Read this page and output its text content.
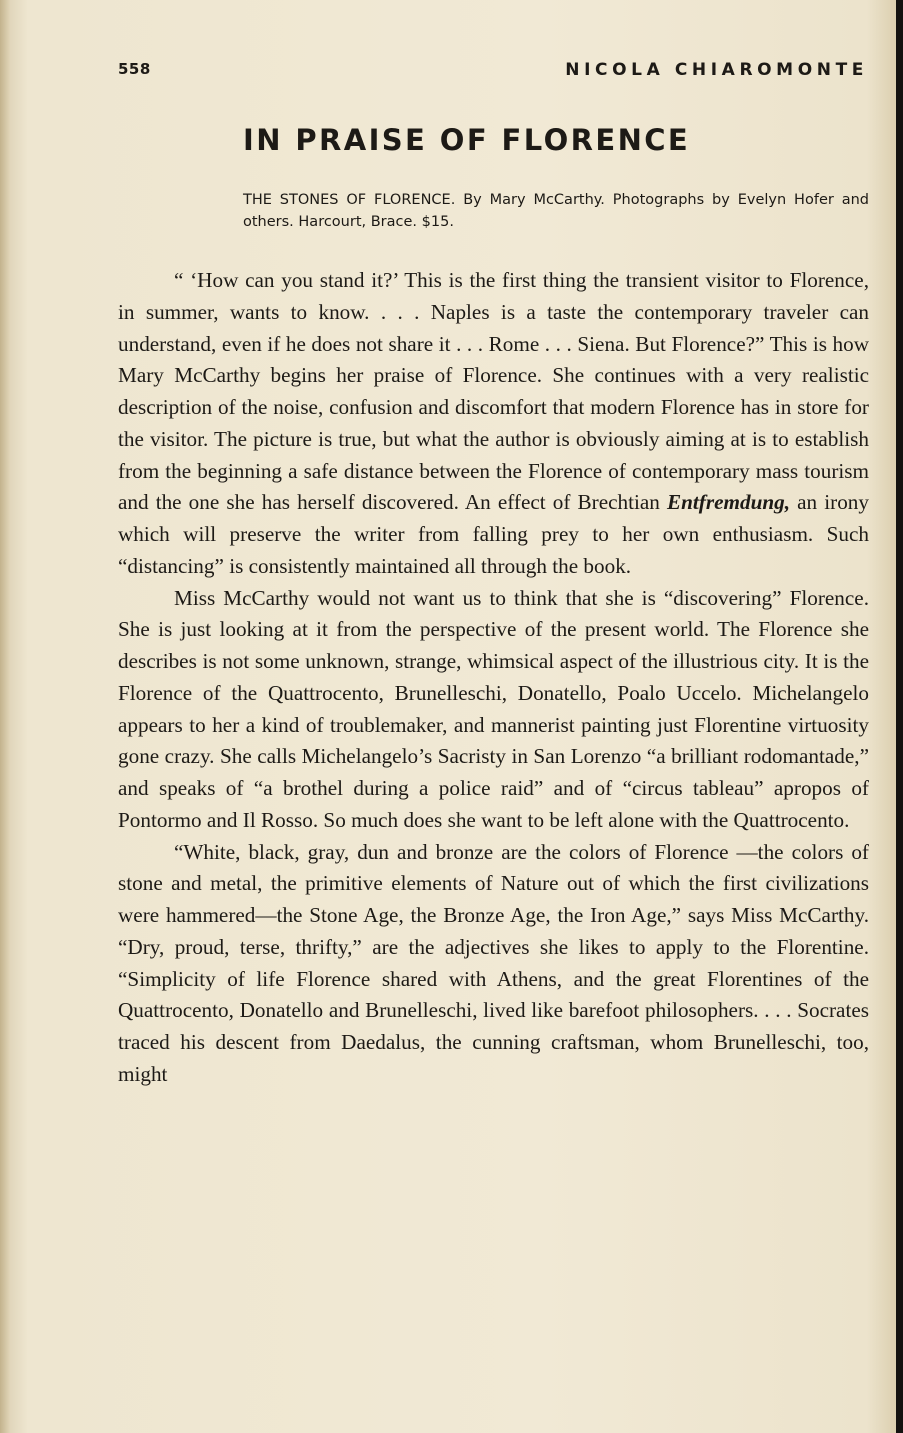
558	NICOLA CHIAROMONTE
IN PRAISE OF FLORENCE
THE STONES OF FLORENCE. By Mary McCarthy. Photographs by Evelyn Hofer and others. Harcourt, Brace. $15.

“ ‘How can you stand it?’ This is the first thing the transient visitor to Florence, in summer, wants to know. . . . Naples is a taste the contemporary traveler can understand, even if he does not share it . . . Rome . . . Siena. But Florence?” This is how Mary McCarthy begins her praise of Florence. She continues with a very realistic description of the noise, confusion and discomfort that modern Florence has in store for the visitor. The picture is true, but what the author is obviously aiming at is to establish from the beginning a safe distance between the Florence of contemporary mass tourism and the one she has herself discovered. An effect of Brechtian Entfremdung, an irony which will preserve the writer from falling prey to her own enthusiasm. Such “distancing” is consistently maintained all through the book.

Miss McCarthy would not want us to think that she is “discovering” Florence. She is just looking at it from the perspective of the present world. The Florence she describes is not some unknown, strange, whimsical aspect of the illustrious city. It is the Florence of the Quattrocento, Brunelleschi, Donatello, Poalo Uccelo. Michelangelo appears to her a kind of troublemaker, and mannerist painting just Florentine virtuosity gone crazy. She calls Michelangelo’s Sacristy in San Lorenzo “a brilliant rodomantade,” and speaks of “a brothel during a police raid” and of “circus tableau” apropos of Pontormo and Il Rosso. So much does she want to be left alone with the Quattrocento.

“White, black, gray, dun and bronze are the colors of Florence —the colors of stone and metal, the primitive elements of Nature out of which the first civilizations were hammered—the Stone Age, the Bronze Age, the Iron Age,” says Miss McCarthy. “Dry, proud, terse, thrifty,” are the adjectives she likes to apply to the Florentine. “Simplicity of life Florence shared with Athens, and the great Florentines of the Quattrocento, Donatello and Brunelleschi, lived like barefoot philosophers. . . . Socrates traced his descent from Daedalus, the cunning craftsman, whom Brunelleschi, too, might
